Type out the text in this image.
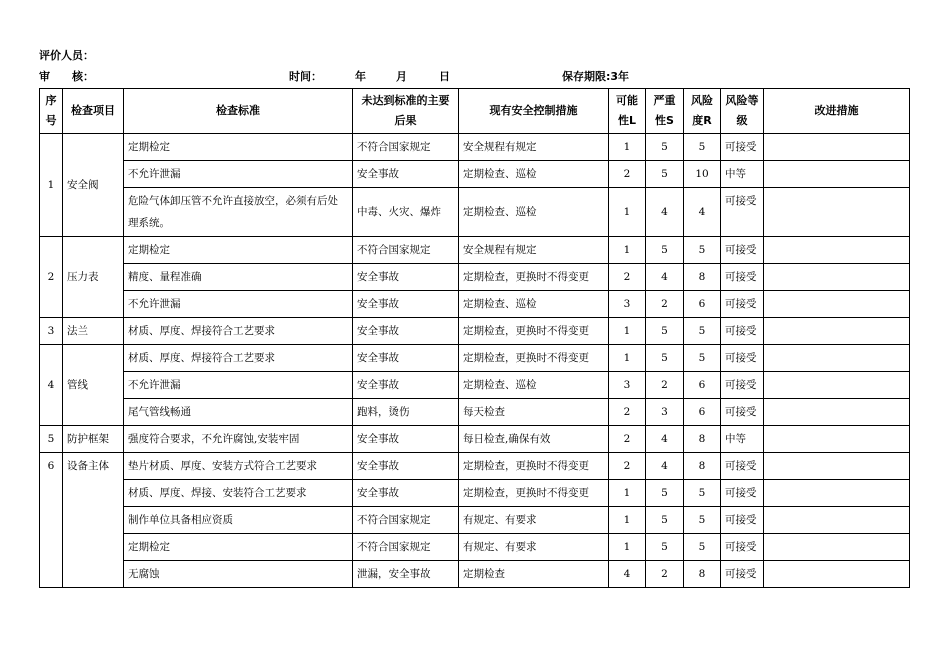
评价人员：
审　　核：	时间：	年	月	日	保存期限:3年
序号	检查项目	检查标准	未达到标准的主要后果	现有安全控制措施	可能性L	严重性S	风险度R	风险等级	改进措施
1	安全阀	定期检定	不符合国家规定	安全规程有规定	1	5	5	可接受	
		不允许泄漏	安全事故	定期检查、巡检	2	5	10	中等	
		危险气体卸压管不允许直接放空，必须有后处理系统。	中毒、火灾、爆炸	定期检查、巡检	1	4	4	可接受	
2	压力表	定期检定	不符合国家规定	安全规程有规定	1	5	5	可接受	
		精度、量程准确	安全事故	定期检查，更换时不得变更	2	4	8	可接受	
		不允许泄漏	安全事故	定期检查、巡检	3	2	6	可接受	
3	法兰	材质、厚度、焊接符合工艺要求	安全事故	定期检查，更换时不得变更	1	5	5	可接受	
4	管线	材质、厚度、焊接符合工艺要求	安全事故	定期检查，更换时不得变更	1	5	5	可接受	
		不允许泄漏	安全事故	定期检查、巡检	3	2	6	可接受	
		尾气管线畅通	跑料，烫伤	每天检查	2	3	6	可接受	
5	防护框架	强度符合要求，不允许腐蚀,安装牢固	安全事故	每日检查,确保有效	2	4	8	中等	
6	设备主体	垫片材质、厚度、安装方式符合工艺要求	安全事故	定期检查，更换时不得变更	2	4	8	可接受	
		材质、厚度、焊接、安装符合工艺要求	安全事故	定期检查，更换时不得变更	1	5	5	可接受	
		制作单位具备相应资质	不符合国家规定	有规定、有要求	1	5	5	可接受	
		定期检定	不符合国家规定	有规定、有要求	1	5	5	可接受	
		无腐蚀	泄漏，安全事故	定期检查	4	2	8	可接受	
